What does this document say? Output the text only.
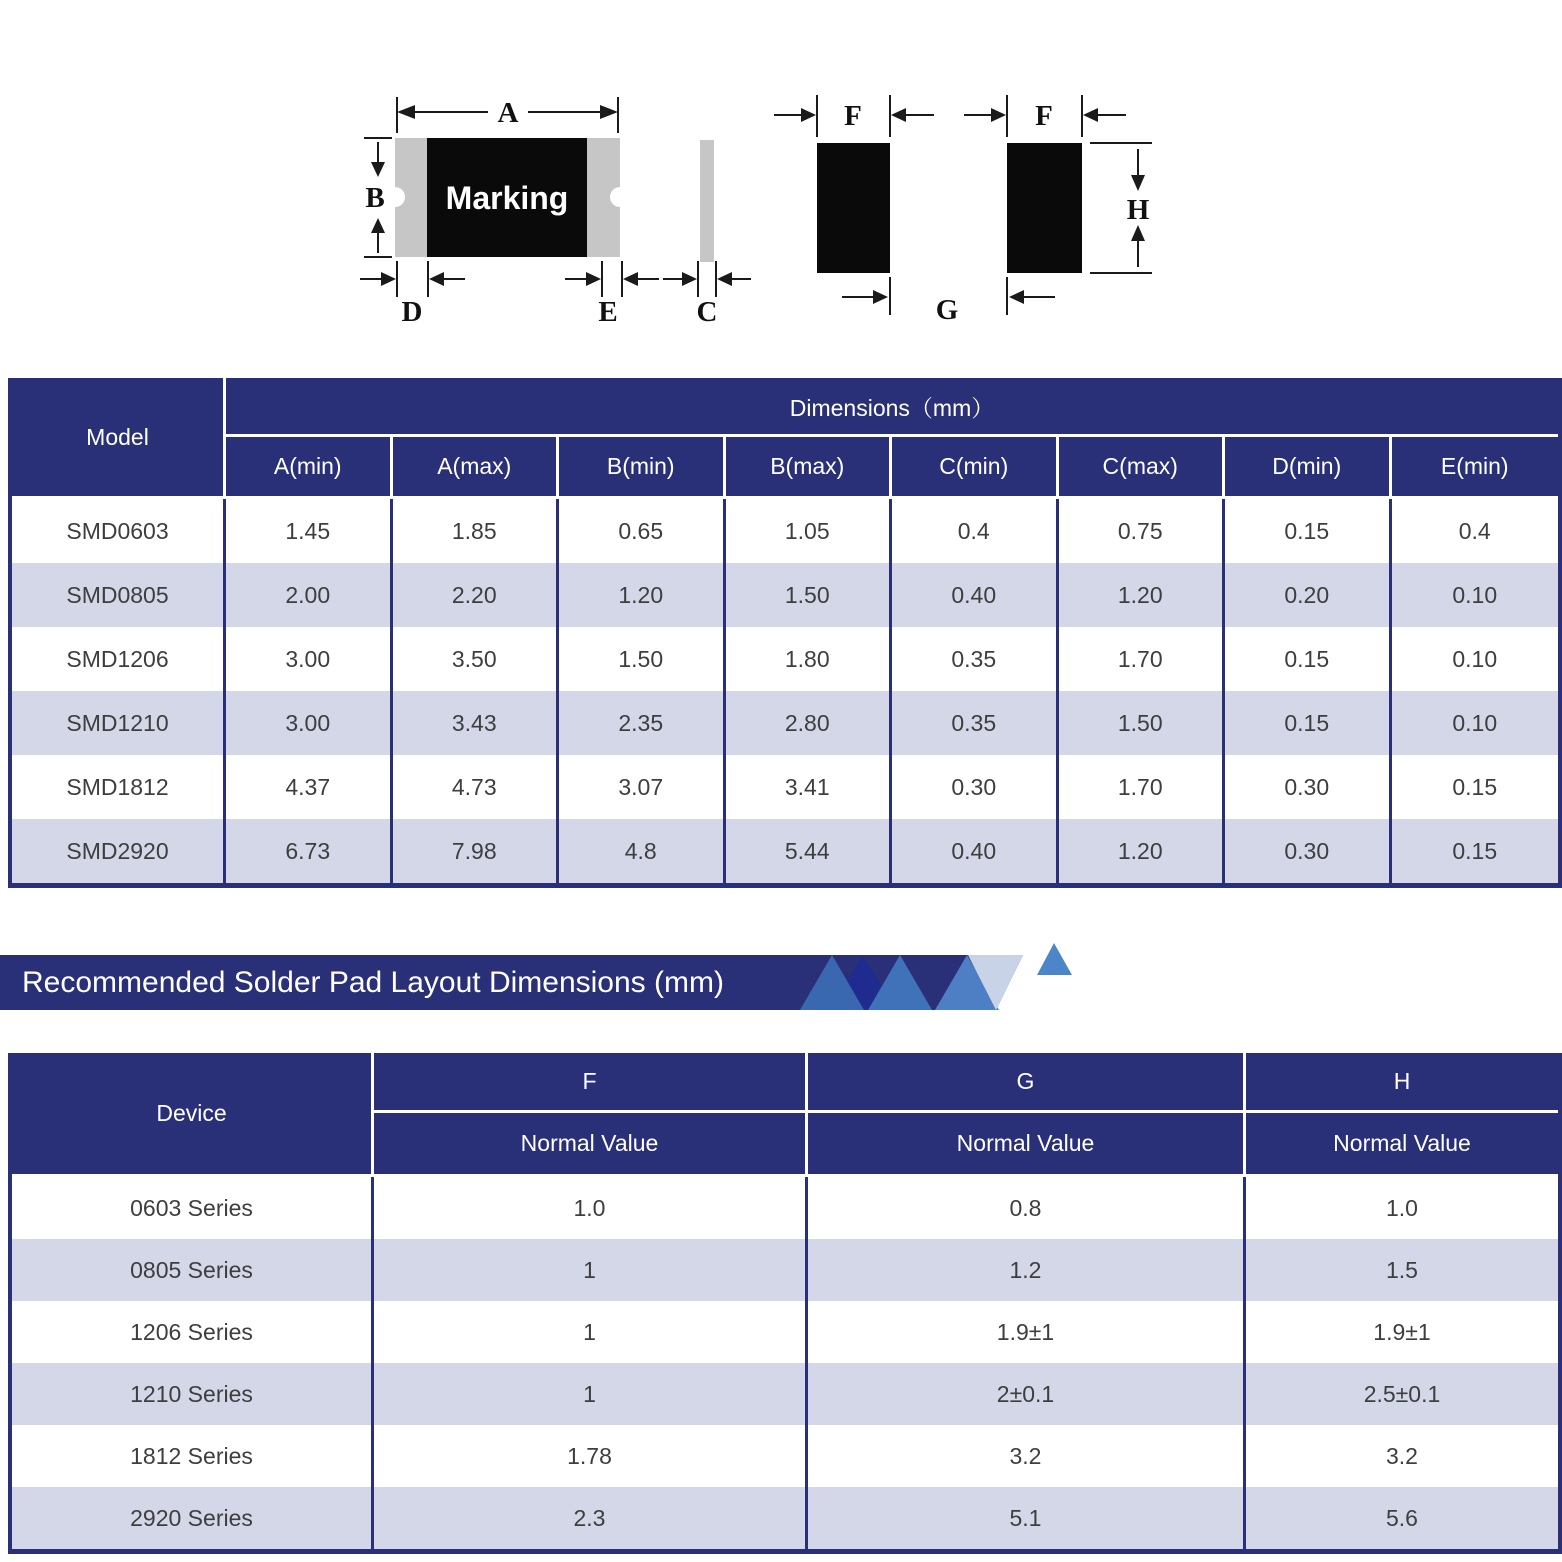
Marking
A
B
D	E	C
F	F
H
G
Model	Dimensions（mm）							
	A(min)	A(max)	B(min)	B(max)	C(min)	C(max)	D(min)	E(min)
SMD0603	1.45	1.85	0.65	1.05	0.4	0.75	0.15	0.4
SMD0805	2.00	2.20	1.20	1.50	0.40	1.20	0.20	0.10
SMD1206	3.00	3.50	1.50	1.80	0.35	1.70	0.15	0.10
SMD1210	3.00	3.43	2.35	2.80	0.35	1.50	0.15	0.10
SMD1812	4.37	4.73	3.07	3.41	0.30	1.70	0.30	0.15
SMD2920	6.73	7.98	4.8	5.44	0.40	1.20	0.30	0.15
Recommended Solder Pad Layout Dimensions (mm)
Device	F	G	H
	Normal Value	Normal Value	Normal Value
0603 Series	1.0	0.8	1.0
0805 Series	1	1.2	1.5
1206 Series	1	1.9±1	1.9±1
1210 Series	1	2±0.1	2.5±0.1
1812 Series	1.78	3.2	3.2
2920 Series	2.3	5.1	5.6
